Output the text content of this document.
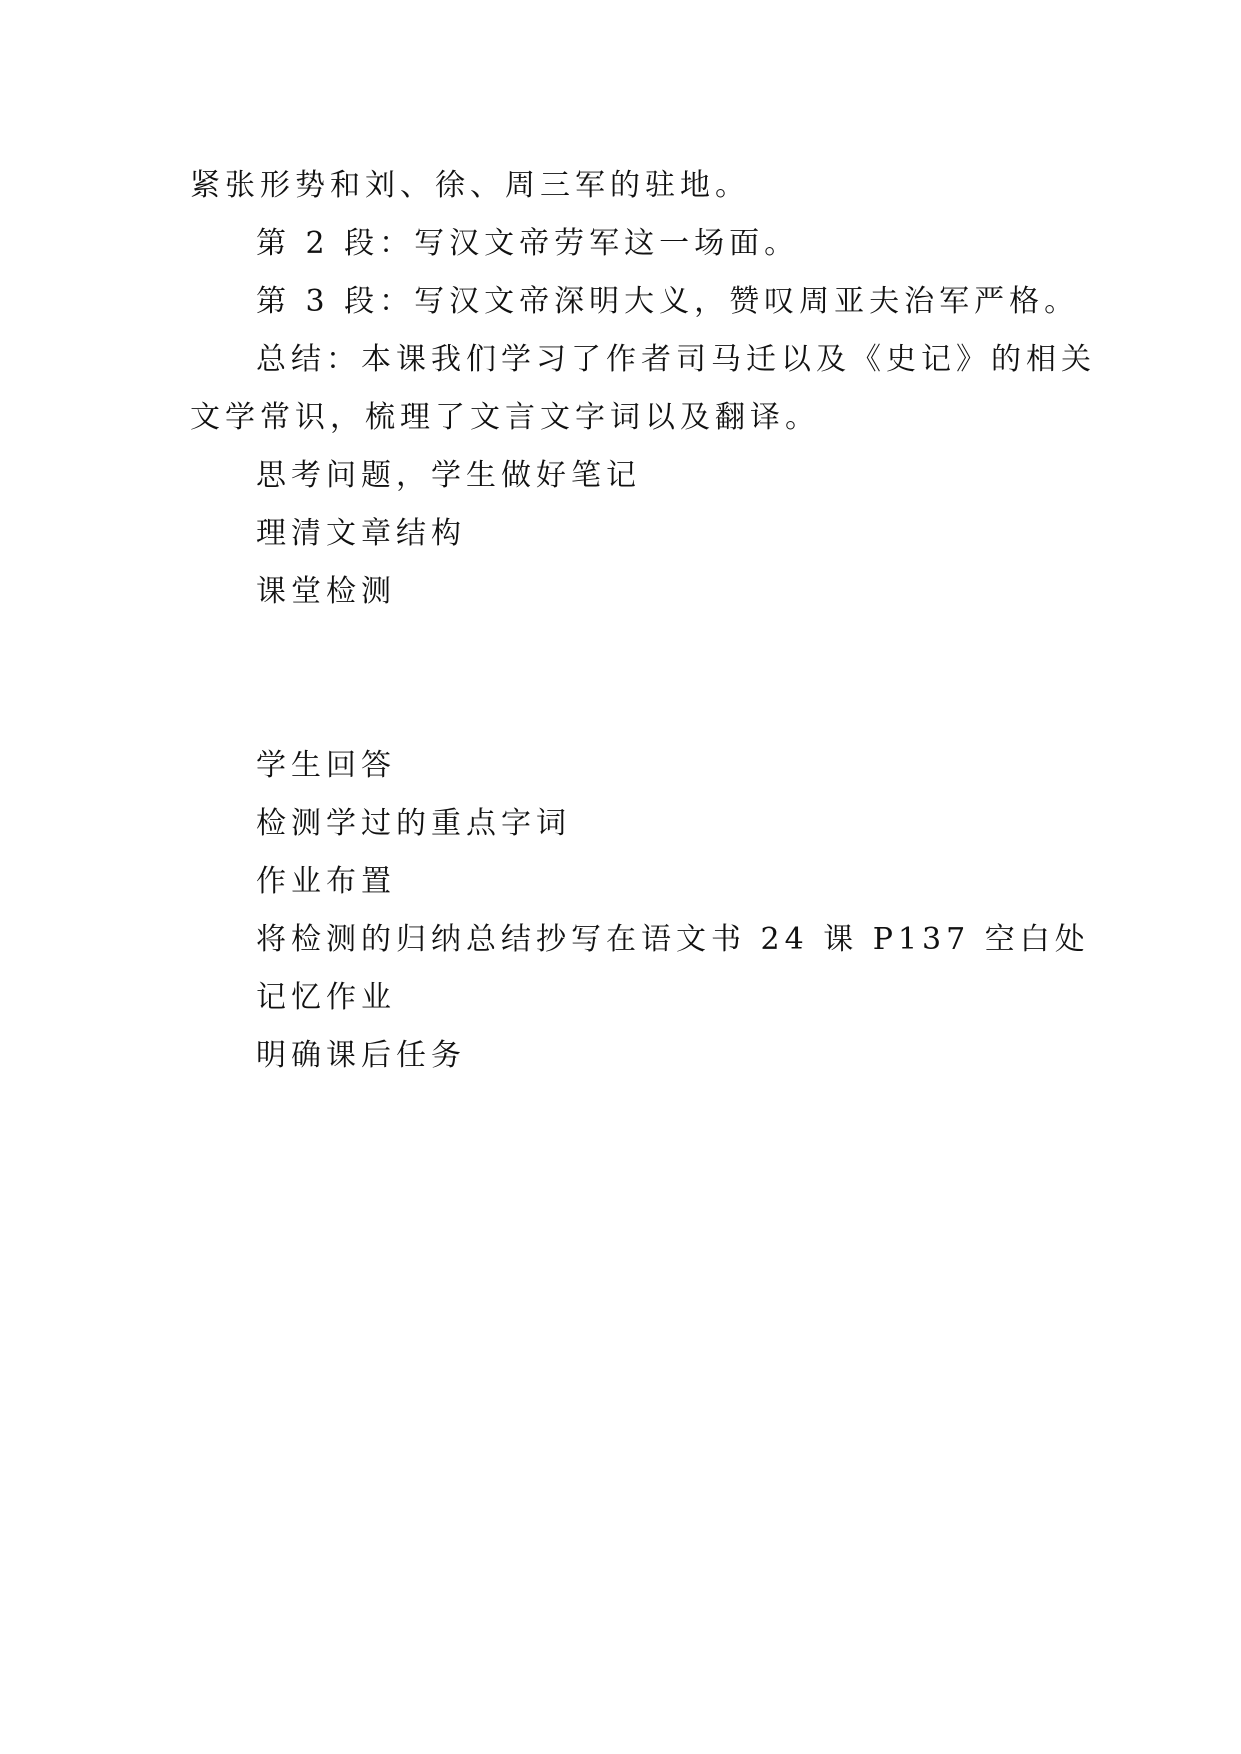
紧张形势和刘、徐、周三军的驻地。
第 2 段：写汉文帝劳军这一场面。
第 3 段：写汉文帝深明大义，赞叹周亚夫治军严格。
总结：本课我们学习了作者司马迁以及《史记》的相关
文学常识，梳理了文言文字词以及翻译。
思考问题，学生做好笔记
理清文章结构
课堂检测
学生回答
检测学过的重点字词
作业布置
将检测的归纳总结抄写在语文书 24 课 P137 空白处
记忆作业
明确课后任务
